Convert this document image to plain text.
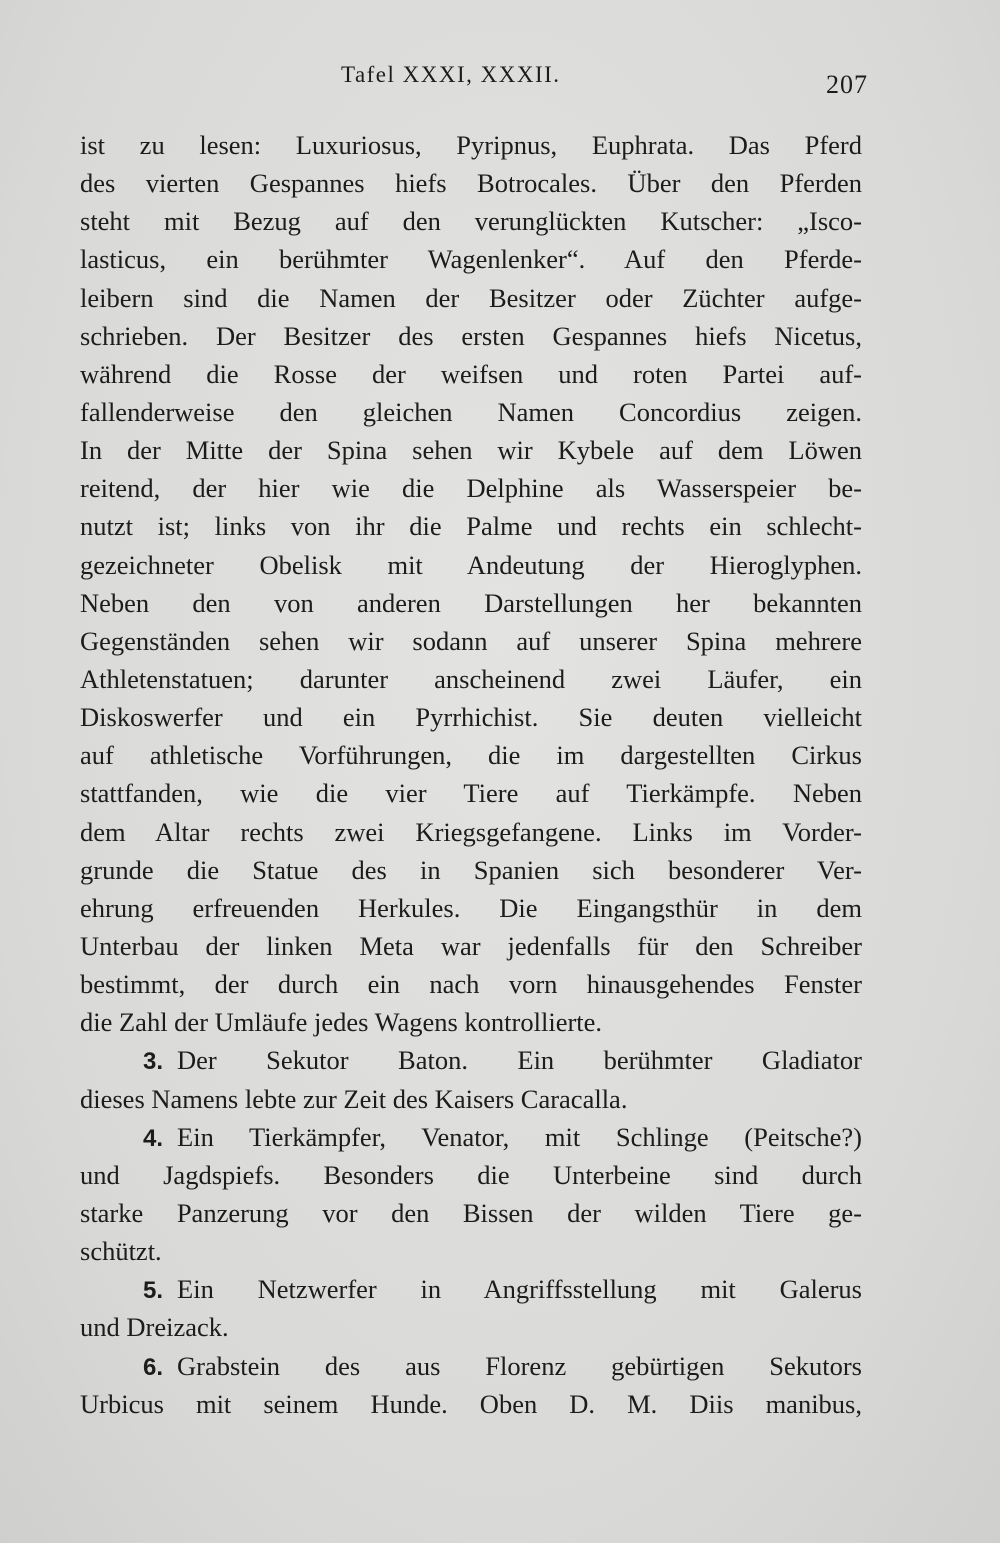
Tafel XXXI, XXXII.	207
ist zu lesen: Luxuriosus, Pyripnus, Euphrata. Das Pferd
des vierten Gespannes hiefs Botrocales. Über den Pferden
steht mit Bezug auf den verunglückten Kutscher: „Isco-
lasticus, ein berühmter Wagenlenker“. Auf den Pferde-
leibern sind die Namen der Besitzer oder Züchter aufge-
schrieben. Der Besitzer des ersten Gespannes hiefs Nicetus,
während die Rosse der weifsen und roten Partei auf-
fallenderweise den gleichen Namen Concordius zeigen.
In der Mitte der Spina sehen wir Kybele auf dem Löwen
reitend, der hier wie die Delphine als Wasserspeier be-
nutzt ist; links von ihr die Palme und rechts ein schlecht-
gezeichneter Obelisk mit Andeutung der Hieroglyphen.
Neben den von anderen Darstellungen her bekannten
Gegenständen sehen wir sodann auf unserer Spina mehrere
Athletenstatuen; darunter anscheinend zwei Läufer, ein
Diskoswerfer und ein Pyrrhichist. Sie deuten vielleicht
auf athletische Vorführungen, die im dargestellten Cirkus
stattfanden, wie die vier Tiere auf Tierkämpfe. Neben
dem Altar rechts zwei Kriegsgefangene. Links im Vorder-
grunde die Statue des in Spanien sich besonderer Ver-
ehrung erfreuenden Herkules. Die Eingangsthür in dem
Unterbau der linken Meta war jedenfalls für den Schreiber
bestimmt, der durch ein nach vorn hinausgehendes Fenster
die Zahl der Umläufe jedes Wagens kontrollierte.
3. Der Sekutor Baton. Ein berühmter Gladiator
dieses Namens lebte zur Zeit des Kaisers Caracalla.
4. Ein Tierkämpfer, Venator, mit Schlinge (Peitsche?)
und Jagdspiefs. Besonders die Unterbeine sind durch
starke Panzerung vor den Bissen der wilden Tiere ge-
schützt.
5. Ein Netzwerfer in Angriffsstellung mit Galerus
und Dreizack.
6. Grabstein des aus Florenz gebürtigen Sekutors
Urbicus mit seinem Hunde. Oben D. M. Diis manibus,
